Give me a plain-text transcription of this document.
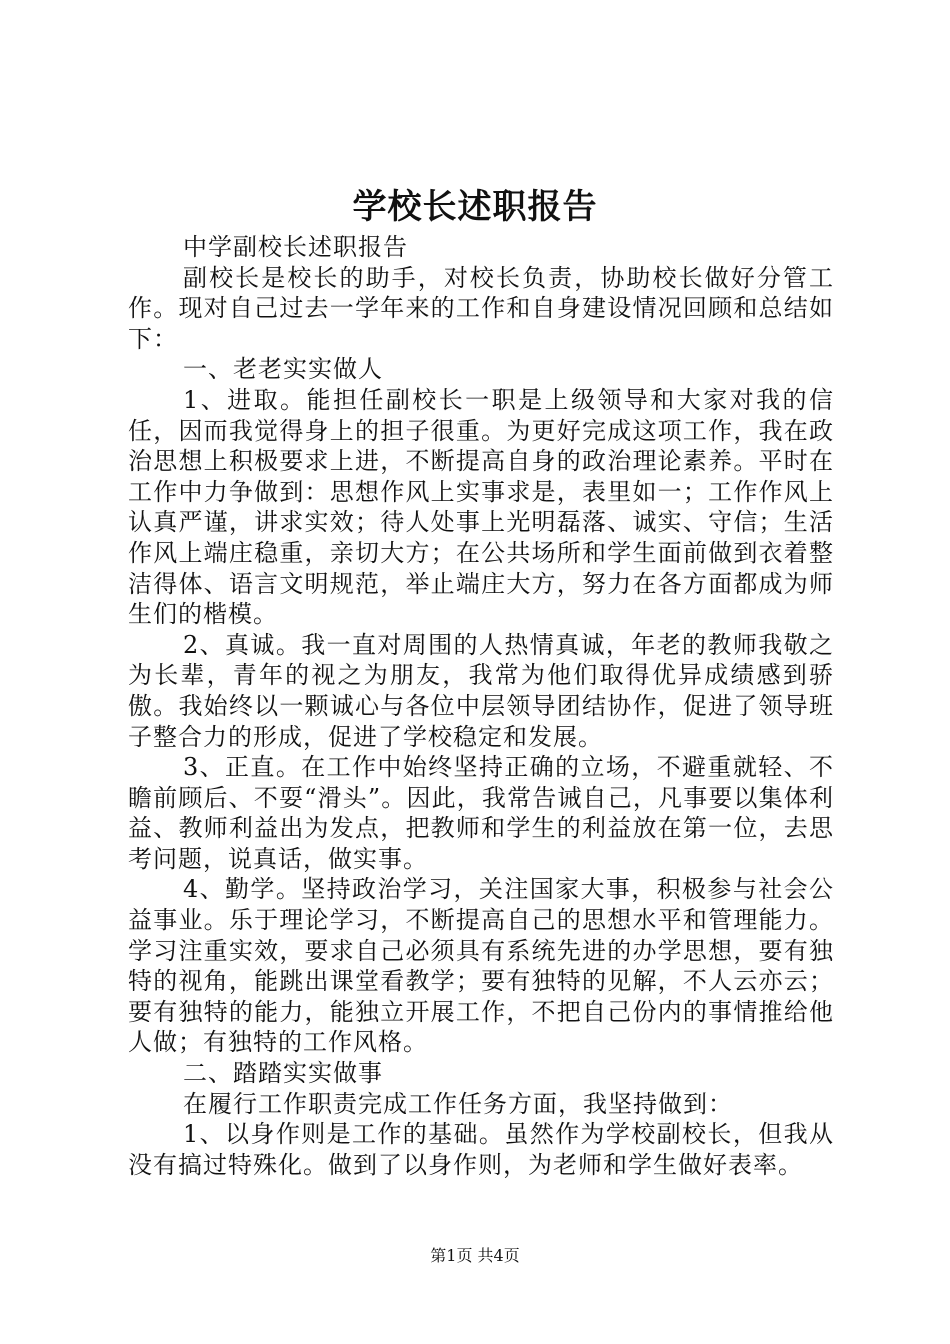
学校长述职报告

中学副校长述职报告

副校长是校长的助手，对校长负责，协助校长做好分管工作。现对自己过去一学年来的工作和自身建设情况回顾和总结如下：

一、老老实实做人

1、进取。能担任副校长一职是上级领导和大家对我的信任，因而我觉得身上的担子很重。为更好完成这项工作，我在政治思想上积极要求上进，不断提高自身的政治理论素养。平时在工作中力争做到：思想作风上实事求是，表里如一；工作作风上认真严谨，讲求实效；待人处事上光明磊落、诚实、守信；生活作风上端庄稳重，亲切大方；在公共场所和学生面前做到衣着整洁得体、语言文明规范，举止端庄大方，努力在各方面都成为师生们的楷模。

2、真诚。我一直对周围的人热情真诚，年老的教师我敬之为长辈，青年的视之为朋友，我常为他们取得优异成绩感到骄傲。我始终以一颗诚心与各位中层领导团结协作，促进了领导班子整合力的形成，促进了学校稳定和发展。

3、正直。在工作中始终坚持正确的立场，不避重就轻、不瞻前顾后、不耍“滑头”。因此，我常告诫自己，凡事要以集体利益、教师利益出为发点，把教师和学生的利益放在第一位，去思考问题，说真话，做实事。

4、勤学。坚持政治学习，关注国家大事，积极参与社会公益事业。乐于理论学习，不断提高自己的思想水平和管理能力。学习注重实效，要求自己必须具有系统先进的办学思想，要有独特的视角，能跳出课堂看教学；要有独特的见解，不人云亦云；要有独特的能力，能独立开展工作，不把自己份内的事情推给他人做；有独特的工作风格。

二、踏踏实实做事

在履行工作职责完成工作任务方面，我坚持做到：

1、以身作则是工作的基础。虽然作为学校副校长，但我从没有搞过特殊化。做到了以身作则，为老师和学生做好表率。

第1页 共4页
